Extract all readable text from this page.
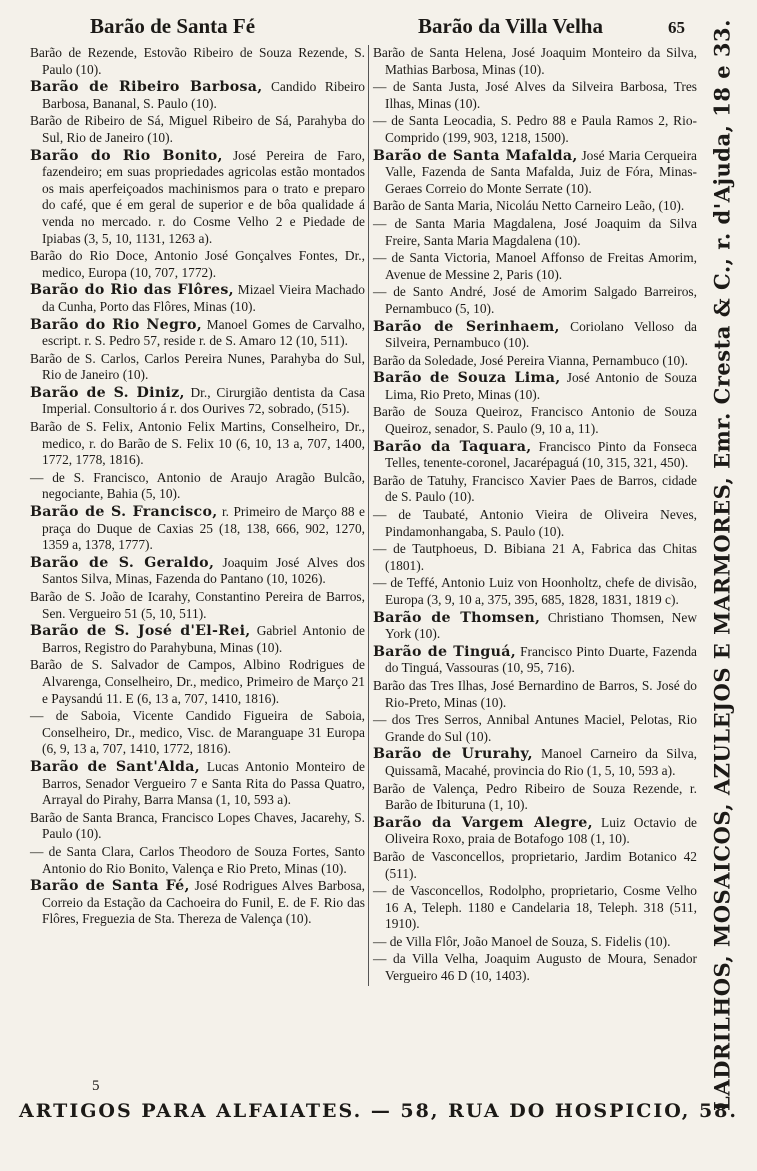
Barão de Santa Fé	Barão da Villa Velha	65

Barão de Rezende, Estovão Ribeiro de Souza Rezende, S. Paulo (10).

Barão de Ribeiro Barbosa, Candido Ribeiro Barbosa, Bananal, S. Paulo (10).

Barão de Ribeiro de Sá, Miguel Ribeiro de Sá, Parahyba do Sul, Rio de Janeiro (10).

Barão do Rio Bonito, José Pereira de Faro, fazendeiro; em suas propriedades agricolas estão montados os mais aperfeiçoados machinismos para o trato e preparo do café, que é em geral de superior e de bôa qualidade á venda no mercado. r. do Cosme Velho 2 e Piedade de Ipiabas (3, 5, 10, 1131, 1263 a).

Barão do Rio Doce, Antonio José Gonçalves Fontes, Dr., medico, Europa (10, 707, 1772).

Barão do Rio das Flôres, Mizael Vieira Machado da Cunha, Porto das Flôres, Minas (10).

Barão do Rio Negro, Manoel Gomes de Carvalho, escript. r. S. Pedro 57, reside r. de S. Amaro 12 (10, 511).

Barão de S. Carlos, Carlos Pereira Nunes, Parahyba do Sul, Rio de Janeiro (10).

Barão de S. Diniz, Dr., Cirurgião dentista da Casa Imperial. Consultorio á r. dos Ourives 72, sobrado, (515).

Barão de S. Felix, Antonio Felix Martins, Conselheiro, Dr., medico, r. do Barão de S. Felix 10 (6, 10, 13 a, 707, 1400, 1772, 1778, 1816).

— de S. Francisco, Antonio de Araujo Aragão Bulcão, negociante, Bahia (5, 10).

Barão de S. Francisco, r. Primeiro de Março 88 e praça do Duque de Caxias 25 (18, 138, 666, 902, 1270, 1359 a, 1378, 1777).

Barão de S. Geraldo, Joaquim José Alves dos Santos Silva, Minas, Fazenda do Pantano (10, 1026).

Barão de S. João de Icarahy, Constantino Pereira de Barros, Sen. Vergueiro 51 (5, 10, 511).

Barão de S. José d'El-Rei, Gabriel Antonio de Barros, Registro do Parahybuna, Minas (10).

Barão de S. Salvador de Campos, Albino Rodrigues de Alvarenga, Conselheiro, Dr., medico, Primeiro de Março 21 e Paysandú 11. E (6, 13 a, 707, 1410, 1816).

— de Saboia, Vicente Candido Figueira de Saboia, Conselheiro, Dr., medico, Visc. de Maranguape 31 Europa (6, 9, 13 a, 707, 1410, 1772, 1816).

Barão de Sant'Alda, Lucas Antonio Monteiro de Barros, Senador Vergueiro 7 e Santa Rita do Passa Quatro, Arrayal do Pirahy, Barra Mansa (1, 10, 593 a).

Barão de Santa Branca, Francisco Lopes Chaves, Jacarehy, S. Paulo (10).

— de Santa Clara, Carlos Theodoro de Souza Fortes, Santo Antonio do Rio Bonito, Valença e Rio Preto, Minas (10).

Barão de Santa Fé, José Rodrigues Alves Barbosa, Correio da Estação da Cachoeira do Funil, E. de F. Rio das Flôres, Freguezia de Sta. Thereza de Valença (10).

Barão de Santa Helena, José Joaquim Monteiro da Silva, Mathias Barbosa, Minas (10).

— de Santa Justa, José Alves da Silveira Barbosa, Tres Ilhas, Minas (10).

— de Santa Leocadia, S. Pedro 88 e Paula Ramos 2, Rio-Comprido (199, 903, 1218, 1500).

Barão de Santa Mafalda, José Maria Cerqueira Valle, Fazenda de Santa Mafalda, Juiz de Fóra, Minas-Geraes Correio do Monte Serrate (10).

Barão de Santa Maria, Nicoláu Netto Carneiro Leão, (10).

— de Santa Maria Magdalena, José Joaquim da Silva Freire, Santa Maria Magdalena (10).

— de Santa Victoria, Manoel Affonso de Freitas Amorim, Avenue de Messine 2, Paris (10).

— de Santo André, José de Amorim Salgado Barreiros, Pernambuco (5, 10).

Barão de Serinhaem, Coriolano Velloso da Silveira, Pernambuco (10).

Barão da Soledade, José Pereira Vianna, Pernambuco (10).

Barão de Souza Lima, José Antonio de Souza Lima, Rio Preto, Minas (10).

Barão de Souza Queiroz, Francisco Antonio de Souza Queiroz, senador, S. Paulo (9, 10 a, 11).

Barão da Taquara, Francisco Pinto da Fonseca Telles, tenente-coronel, Jacarépaguá (10, 315, 321, 450).

Barão de Tatuhy, Francisco Xavier Paes de Barros, cidade de S. Paulo (10).

— de Taubaté, Antonio Vieira de Oliveira Neves, Pindamonhangaba, S. Paulo (10).

— de Tautphoeus, D. Bibiana 21 A, Fabrica das Chitas (1801).

— de Teffé, Antonio Luiz von Hoonholtz, chefe de divisão, Europa (3, 9, 10 a, 375, 395, 685, 1828, 1831, 1819 c).

Barão de Thomsen, Christiano Thomsen, New York (10).

Barão de Tinguá, Francisco Pinto Duarte, Fazenda do Tinguá, Vassouras (10, 95, 716).

Barão das Tres Ilhas, José Bernardino de Barros, S. José do Rio-Preto, Minas (10).

— dos Tres Serros, Annibal Antunes Maciel, Pelotas, Rio Grande do Sul (10).

Barão de Ururahy, Manoel Carneiro da Silva, Quissamã, Macahé, provincia do Rio (1, 5, 10, 593 a).

Barão de Valença, Pedro Ribeiro de Souza Rezende, r. Barão de Ibituruna (1, 10).

Barão da Vargem Alegre, Luiz Octavio de Oliveira Roxo, praia de Botafogo 108 (1, 10).

Barão de Vasconcellos, proprietario, Jardim Botanico 42 (511).

— de Vasconcellos, Rodolpho, proprietario, Cosme Velho 16 A, Teleph. 1180 e Candelaria 18, Teleph. 318 (511, 1910).

— de Villa Flôr, João Manoel de Souza, S. Fidelis (10).

— da Villa Velha, Joaquim Augusto de Moura, Senador Vergueiro 46 D (10, 1403).	LADRILHOS, MOSAICOS, AZULEJOS E MARMORES, Emr. Cresta & C., r. d'Ajuda, 18 e 33.
5
ARTIGOS PARA ALFAIATES. — 58, RUA DO HOSPICIO, 58.
